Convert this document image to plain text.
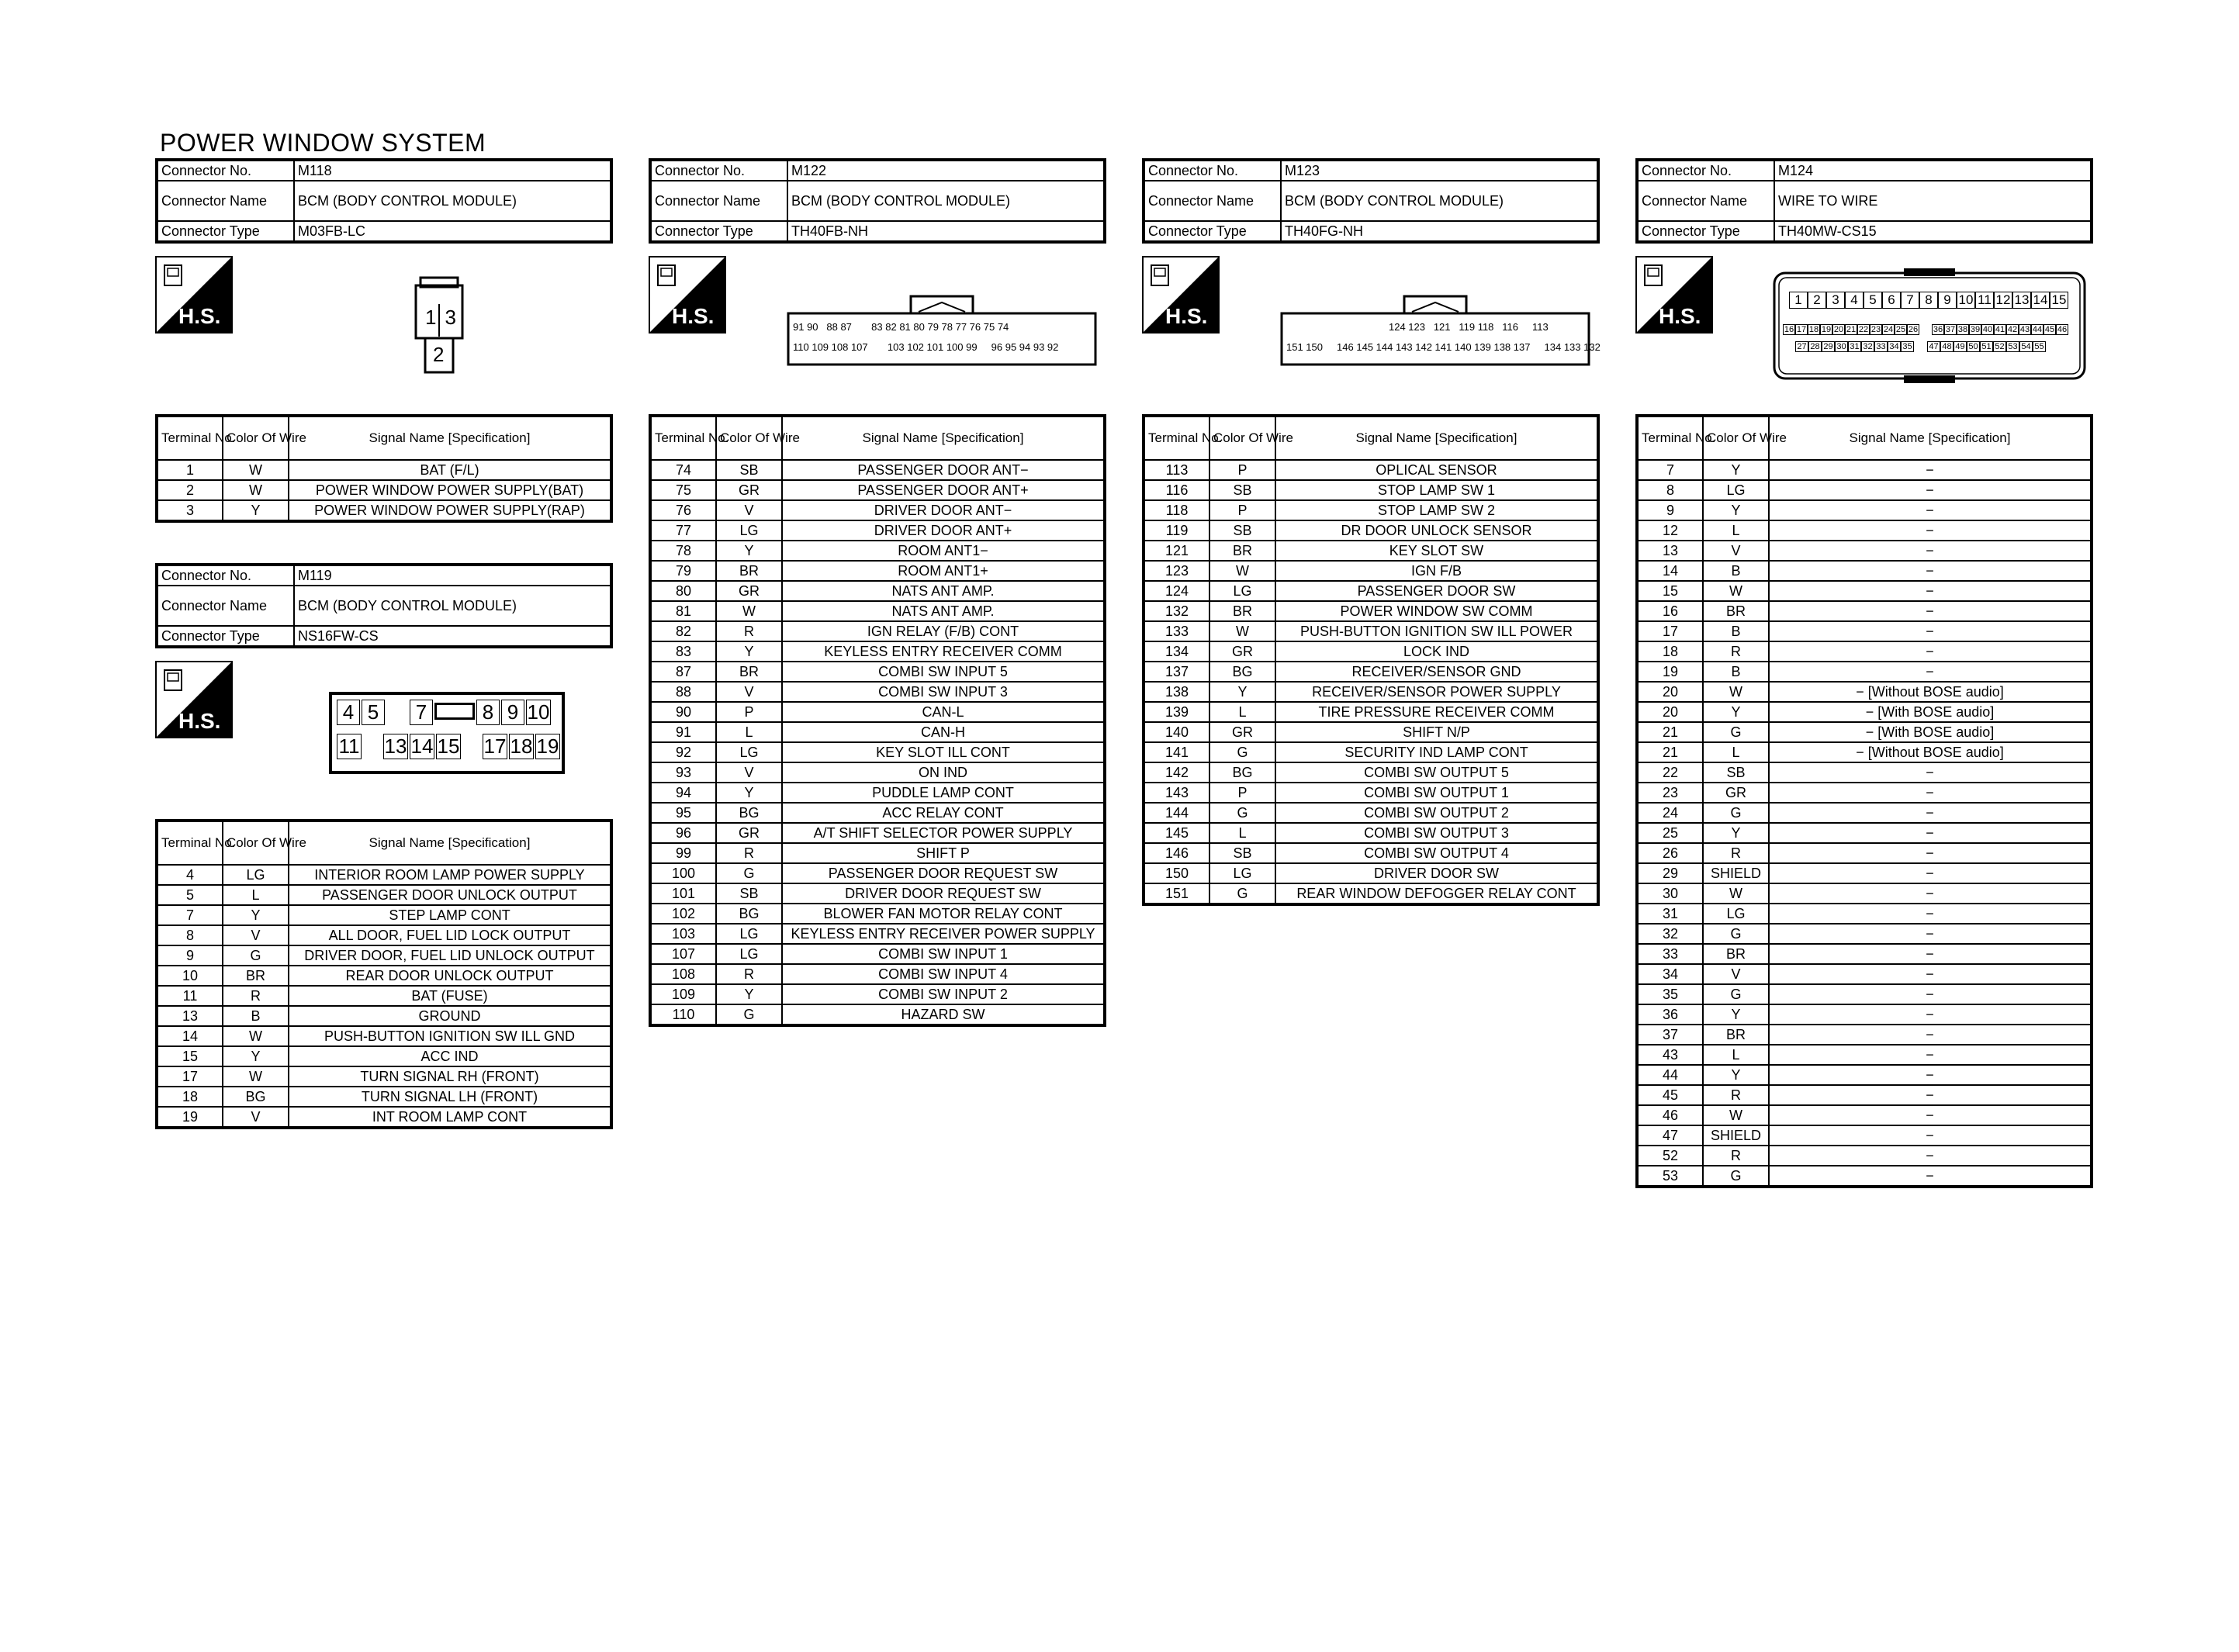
POWER WINDOW SYSTEM
Connector No.	M118
Connector Name	BCM (BODY CONTROL MODULE)
Connector Type	M03FB-LC
H.S.	1 3
2
Terminal No.	Color Of Wire	Signal Name [Specification]
1	W	BAT (F/L)
2	W	POWER WINDOW POWER SUPPLY(BAT)
3	Y	POWER WINDOW POWER SUPPLY(RAP)
Connector No.	M119
Connector Name	BCM (BODY CONTROL MODULE)
Connector Type	NS16FW-CS
H.S.	4 5 7	8 9 10
11 13 14 15 17 18 19
Terminal No.	Color Of Wire	Signal Name [Specification]
4	LG	INTERIOR ROOM LAMP POWER SUPPLY
5	L	PASSENGER DOOR UNLOCK OUTPUT
7	Y	STEP LAMP CONT
8	V	ALL DOOR, FUEL LID LOCK OUTPUT
9	G	DRIVER DOOR, FUEL LID UNLOCK OUTPUT
10	BR	REAR DOOR UNLOCK OUTPUT
11	R	BAT (FUSE)
13	B	GROUND
14	W	PUSH-BUTTON IGNITION SW ILL GND
15	Y	ACC IND
17	W	TURN SIGNAL RH (FRONT)
18	BG	TURN SIGNAL LH (FRONT)
19	V	INT ROOM LAMP CONT
Connector No.	M122
Connector Name	BCM (BODY CONTROL MODULE)
Connector Type	TH40FB-NH
H.S.	91 90   88 87       83 82 81 80 79 78 77 76 75 74
110 109 108 107       103 102 101 100 99     96 95 94 93 92
Terminal No.	Color Of Wire	Signal Name [Specification]
74	SB	PASSENGER DOOR ANT−
75	GR	PASSENGER DOOR ANT+
76	V	DRIVER DOOR ANT−
77	LG	DRIVER DOOR ANT+
78	Y	ROOM ANT1−
79	BR	ROOM ANT1+
80	GR	NATS ANT AMP.
81	W	NATS ANT AMP.
82	R	IGN RELAY (F/B) CONT
83	Y	KEYLESS ENTRY RECEIVER COMM
87	BR	COMBI SW INPUT 5
88	V	COMBI SW INPUT 3
90	P	CAN-L
91	L	CAN-H
92	LG	KEY SLOT ILL CONT
93	V	ON IND
94	Y	PUDDLE LAMP CONT
95	BG	ACC RELAY CONT
96	GR	A/T SHIFT SELECTOR POWER SUPPLY
99	R	SHIFT P
100	G	PASSENGER DOOR REQUEST SW
101	SB	DRIVER DOOR REQUEST SW
102	BG	BLOWER FAN MOTOR RELAY CONT
103	LG	KEYLESS ENTRY RECEIVER POWER SUPPLY
107	LG	COMBI SW INPUT 1
108	R	COMBI SW INPUT 4
109	Y	COMBI SW INPUT 2
110	G	HAZARD SW
Connector No.	M123
Connector Name	BCM (BODY CONTROL MODULE)
Connector Type	TH40FG-NH
H.S.	124 123   121   119 118   116     113
151 150     146 145 144 143 142 141 140 139 138 137     134 133 132
Terminal No.	Color Of Wire	Signal Name [Specification]
113	P	OPLICAL SENSOR
116	SB	STOP LAMP SW 1
118	P	STOP LAMP SW 2
119	SB	DR DOOR UNLOCK SENSOR
121	BR	KEY SLOT SW
123	W	IGN F/B
124	LG	PASSENGER DOOR SW
132	BR	POWER WINDOW SW COMM
133	W	PUSH-BUTTON IGNITION SW ILL POWER
134	GR	LOCK IND
137	BG	RECEIVER/SENSOR GND
138	Y	RECEIVER/SENSOR POWER SUPPLY
139	L	TIRE PRESSURE RECEIVER COMM
140	GR	SHIFT N/P
141	G	SECURITY IND LAMP CONT
142	BG	COMBI SW OUTPUT 5
143	P	COMBI SW OUTPUT 1
144	G	COMBI SW OUTPUT 2
145	L	COMBI SW OUTPUT 3
146	SB	COMBI SW OUTPUT 4
150	LG	DRIVER DOOR SW
151	G	REAR WINDOW DEFOGGER RELAY CONT
Connector No.	M124
Connector Name	WIRE TO WIRE
Connector Type	TH40MW-CS15
H.S.
1 2 3 4 5 6 7 8 9 10 11 12 13 14 15
16 17 18 19 20 21 22 23 24 25 26 36 37 38 39 40 41 42 43 44 45 46
27 28 29 30 31 32 33 34 35 47 48 49 50 51 52 53 54 55
Terminal No.	Color Of Wire	Signal Name [Specification]
7	Y	−
8	LG	−
9	Y	−
12	L	−
13	V	−
14	B	−
15	W	−
16	BR	−
17	B	−
18	R	−
19	B	−
20	W	− [Without BOSE audio]
20	Y	− [With BOSE audio]
21	G	− [With BOSE audio]
21	L	− [Without BOSE audio]
22	SB	−
23	GR	−
24	G	−
25	Y	−
26	R	−
29	SHIELD	−
30	W	−
31	LG	−
32	G	−
33	BR	−
34	V	−
35	G	−
36	Y	−
37	BR	−
43	L	−
44	Y	−
45	R	−
46	W	−
47	SHIELD	−
52	R	−
53	G	−
